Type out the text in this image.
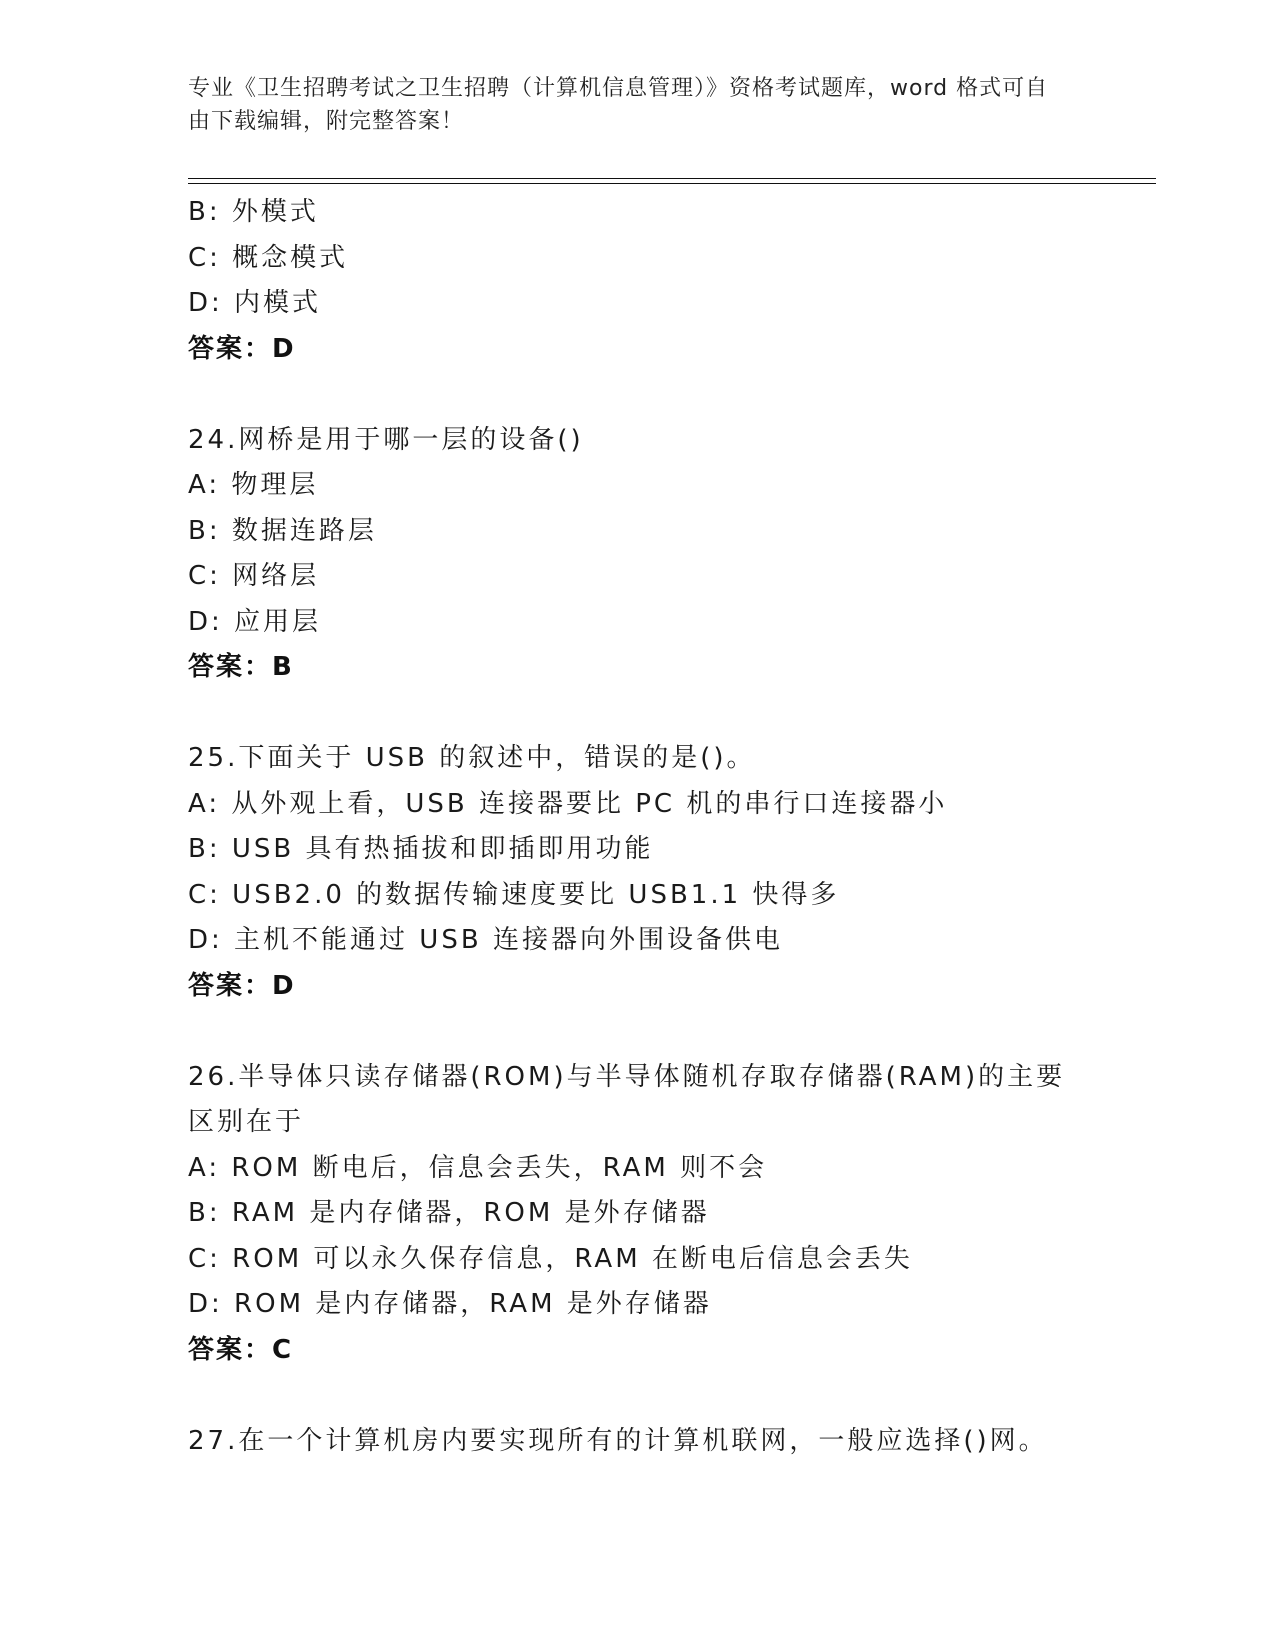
专业《卫生招聘考试之卫生招聘（计算机信息管理）》资格考试题库，word 格式可自由下载编辑，附完整答案！
B: 外模式
C: 概念模式
D: 内模式
答案：D
24.网桥是用于哪一层的设备()
A: 物理层
B: 数据连路层
C: 网络层
D: 应用层
答案：B
25.下面关于 USB 的叙述中，错误的是()。
A: 从外观上看，USB 连接器要比 PC 机的串行口连接器小
B: USB 具有热插拔和即插即用功能
C: USB2.0 的数据传输速度要比 USB1.1 快得多
D: 主机不能通过 USB 连接器向外围设备供电
答案：D
26.半导体只读存储器(ROM)与半导体随机存取存储器(RAM)的主要区别在于
A: ROM 断电后，信息会丢失，RAM 则不会
B: RAM 是内存储器，ROM 是外存储器
C: ROM 可以永久保存信息，RAM 在断电后信息会丢失
D: ROM 是内存储器，RAM 是外存储器
答案：C
27.在一个计算机房内要实现所有的计算机联网，一般应选择()网。
